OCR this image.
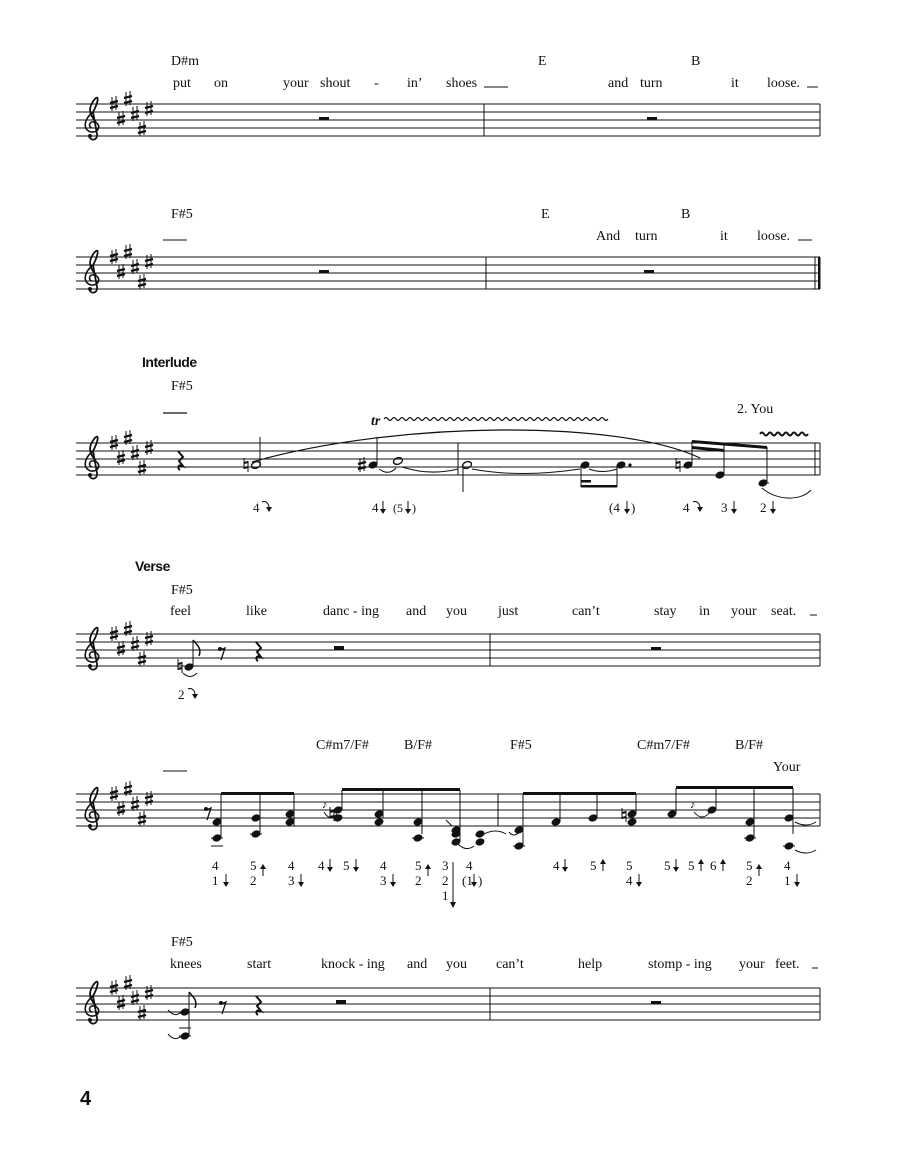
D#m	E	B
put on	your shout - in’ shoes	and turn	it loose.
F#5	E	B
And turn	it loose.
Interlude
F#5
2. You
tr
4	4 (5 )	(4 )	4 3	2
Verse
F#5
feel	like	danc - ing and you just	can’t	stay in your seat.
2
C#m7/F#	B/F#	F#5	C#m7/F#	B/F#
Your
♪	♪
4
1
5
2
4
3
4 5 4
3
5
2
3
2
1
4
(1 )
4 5 5
4
5 5 6 5
2
4
1
F#5
knees	start	knock - ing and you can’t	help	stomp - ing your feet.
4
